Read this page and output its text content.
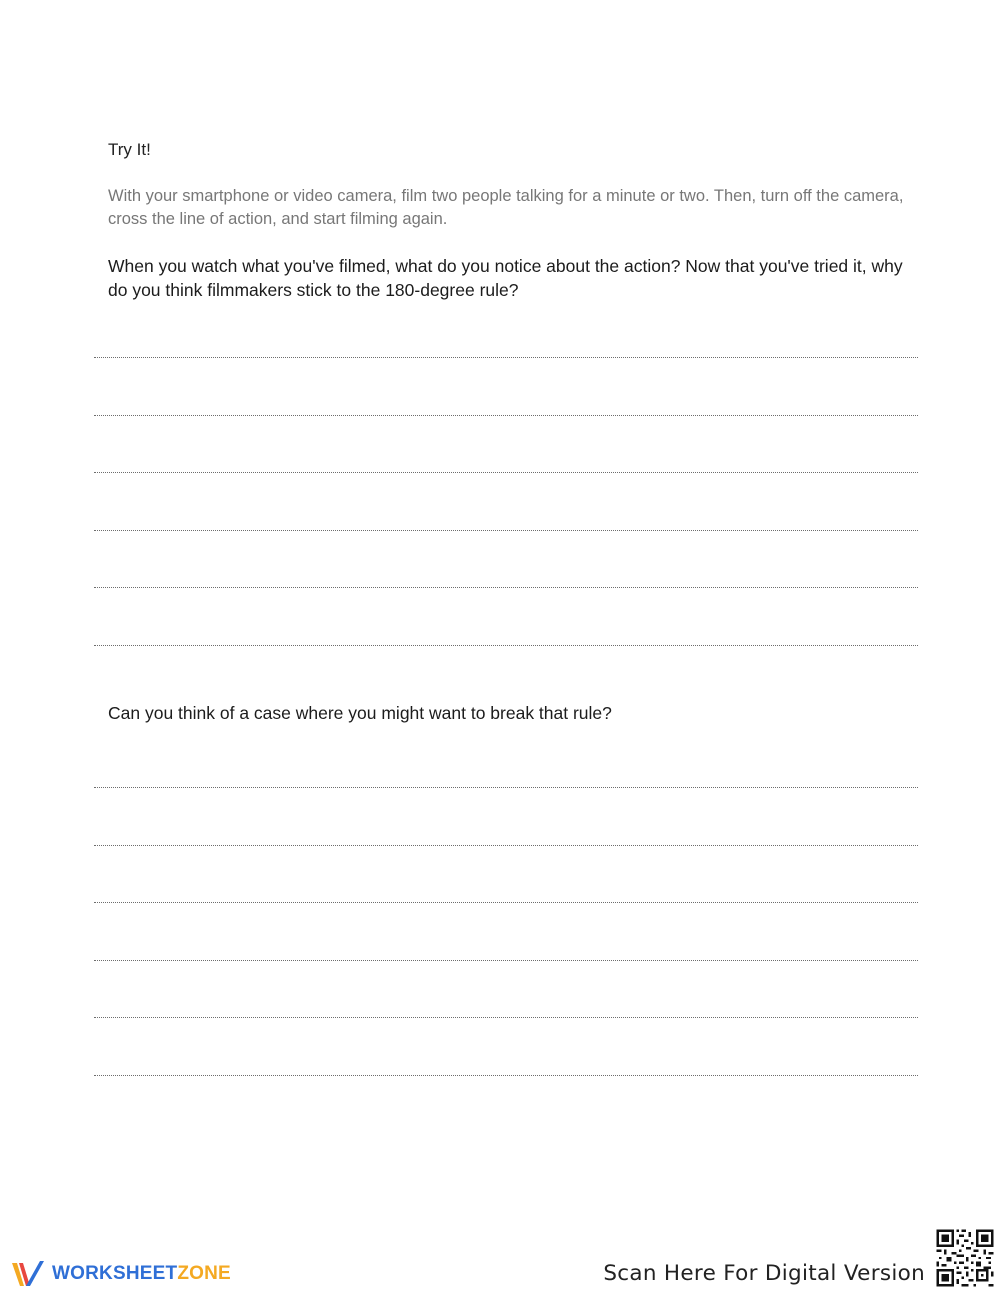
Try It!

With your smartphone or video camera, film two people talking for a minute or two. Then, turn off the camera, cross the line of action, and start filming again.

When you watch what you've filmed, what do you notice about the action? Now that you've tried it, why do you think filmmakers stick to the 180-degree rule?

Can you think of a case where you might want to break that rule?

WORKSHEETZONE	Scan Here For Digital Version
